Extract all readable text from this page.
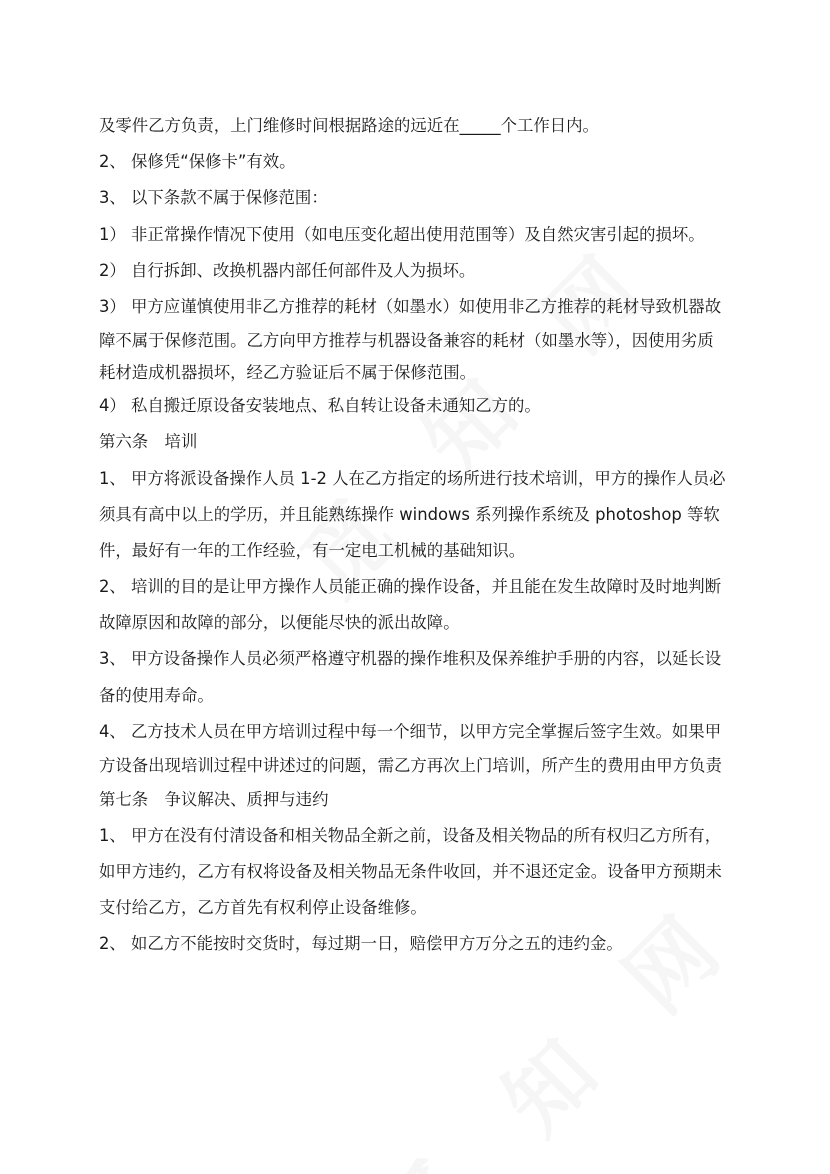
及零件乙方负责，上门维修时间根据路途的远近在_____个工作日内。
2、 保修凭“保修卡”有效。
3、 以下条款不属于保修范围：
1） 非正常操作情况下使用（如电压变化超出使用范围等）及自然灾害引起的损坏。
2） 自行拆卸、改换机器内部任何部件及人为损坏。
3） 甲方应谨慎使用非乙方推荐的耗材（如墨水）如使用非乙方推荐的耗材导致机器故
障不属于保修范围。乙方向甲方推荐与机器设备兼容的耗材（如墨水等），因使用劣质
耗材造成机器损坏，经乙方验证后不属于保修范围。
4） 私自搬迁原设备安装地点、私自转让设备未通知乙方的。
第六条　培训
1、 甲方将派设备操作人员 1-2 人在乙方指定的场所进行技术培训，甲方的操作人员必
须具有高中以上的学历，并且能熟练操作 windows 系列操作系统及 photoshop 等软
件，最好有一年的工作经验，有一定电工机械的基础知识。
2、 培训的目的是让甲方操作人员能正确的操作设备，并且能在发生故障时及时地判断
故障原因和故障的部分，以便能尽快的派出故障。
3、 甲方设备操作人员必须严格遵守机器的操作堆积及保养维护手册的内容，以延长设
备的使用寿命。
4、 乙方技术人员在甲方培训过程中每一个细节，以甲方完全掌握后签字生效。如果甲
方设备出现培训过程中讲述过的问题，需乙方再次上门培训，所产生的费用由甲方负责
第七条　争议解决、质押与违约
1、 甲方在没有付清设备和相关物品全新之前，设备及相关物品的所有权归乙方所有，
如甲方违约，乙方有权将设备及相关物品无条件收回，并不退还定金。设备甲方预期未
支付给乙方，乙方首先有权利停止设备维修。
2、 如乙方不能按时交货时，每过期一日，赔偿甲方万分之五的违约金。
